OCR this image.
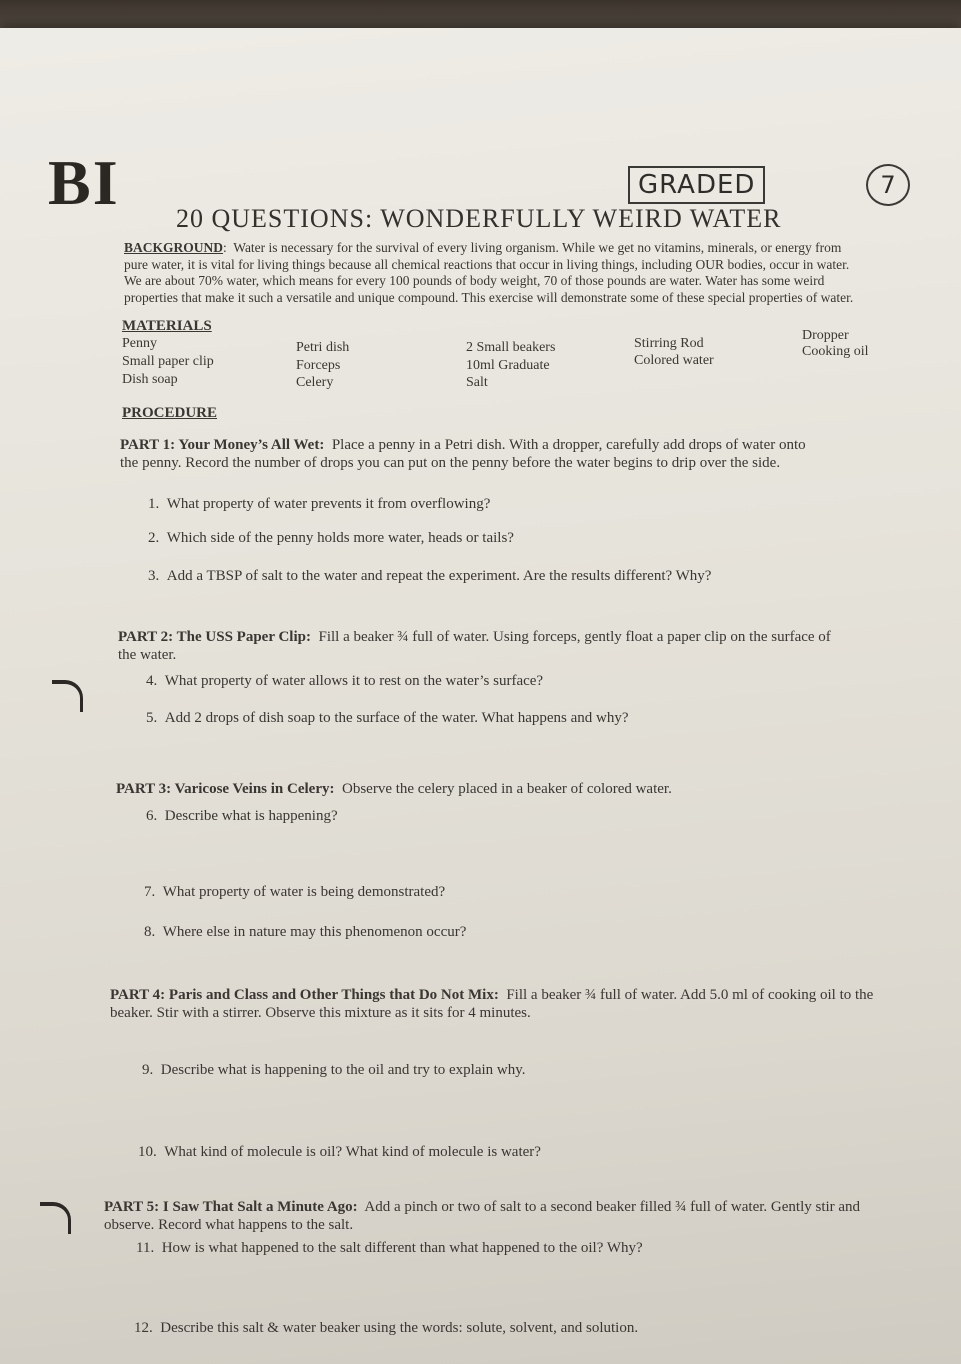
BI	GRADED	7
20 QUESTIONS: WONDERFULLY WEIRD WATER
BACKGROUND:  Water is necessary for the survival of every living organism. While we get no vitamins, minerals, or energy from pure water, it is vital for living things because all chemical reactions that occur in living things, including OUR bodies, occur in water. We are about 70% water, which means for every 100 pounds of body weight, 70 of those pounds are water. Water has some weird properties that make it such a versatile and unique compound. This exercise will demonstrate some of these special properties of water.
MATERIALS
Penny
Small paper clip
Dish soap
Petri dish
Forceps
Celery
2 Small beakers
10ml Graduate
Salt
Stirring Rod
Colored water
Dropper
Cooking oil
PROCEDURE
PART 1: Your Money’s All Wet: Place a penny in a Petri dish. With a dropper, carefully add drops of water onto the penny. Record the number of drops you can put on the penny before the water begins to drip over the side.
1. What property of water prevents it from overflowing?
2. Which side of the penny holds more water, heads or tails?
3. Add a TBSP of salt to the water and repeat the experiment. Are the results different? Why?
PART 2: The USS Paper Clip: Fill a beaker ¾ full of water. Using forceps, gently float a paper clip on the surface of the water.
4. What property of water allows it to rest on the water’s surface?
5. Add 2 drops of dish soap to the surface of the water. What happens and why?
PART 3: Varicose Veins in Celery: Observe the celery placed in a beaker of colored water.
6. Describe what is happening?
7. What property of water is being demonstrated?
8. Where else in nature may this phenomenon occur?
PART 4: Paris and Class and Other Things that Do Not Mix: Fill a beaker ¾ full of water. Add 5.0 ml of cooking oil to the beaker. Stir with a stirrer. Observe this mixture as it sits for 4 minutes.
9. Describe what is happening to the oil and try to explain why.
10. What kind of molecule is oil? What kind of molecule is water?
PART 5: I Saw That Salt a Minute Ago: Add a pinch or two of salt to a second beaker filled ¾ full of water. Gently stir and observe. Record what happens to the salt.
11. How is what happened to the salt different than what happened to the oil? Why?
12. Describe this salt & water beaker using the words: solute, solvent, and solution.
